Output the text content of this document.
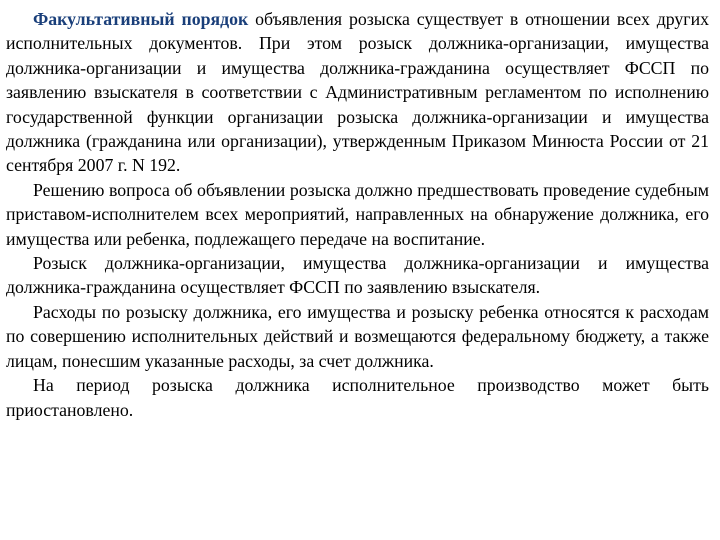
Факультативный порядок объявления розыска существует в отношении всех других исполнительных документов. При этом розыск должника-организации, имущества должника-организации и имущества должника-гражданина осуществляет ФССП по заявлению взыскателя в соответствии с Административным регламентом по исполнению государственной функции организации розыска должника-организации и имущества должника (гражданина или организации), утвержденным Приказом Минюста России от 21 сентября 2007 г. N 192.

Решению вопроса об объявлении розыска должно предшествовать проведение судебным приставом-исполнителем всех мероприятий, направленных на обнаружение должника, его имущества или ребенка, подлежащего передаче на воспитание.

Розыск должника-организации, имущества должника-организации и имущества должника-гражданина осуществляет ФССП по заявлению взыскателя.

Расходы по розыску должника, его имущества и розыску ребенка относятся к расходам по совершению исполнительных действий и возмещаются федеральному бюджету, а также лицам, понесшим указанные расходы, за счет должника.

На период розыска должника исполнительное производство может быть приостановлено.
